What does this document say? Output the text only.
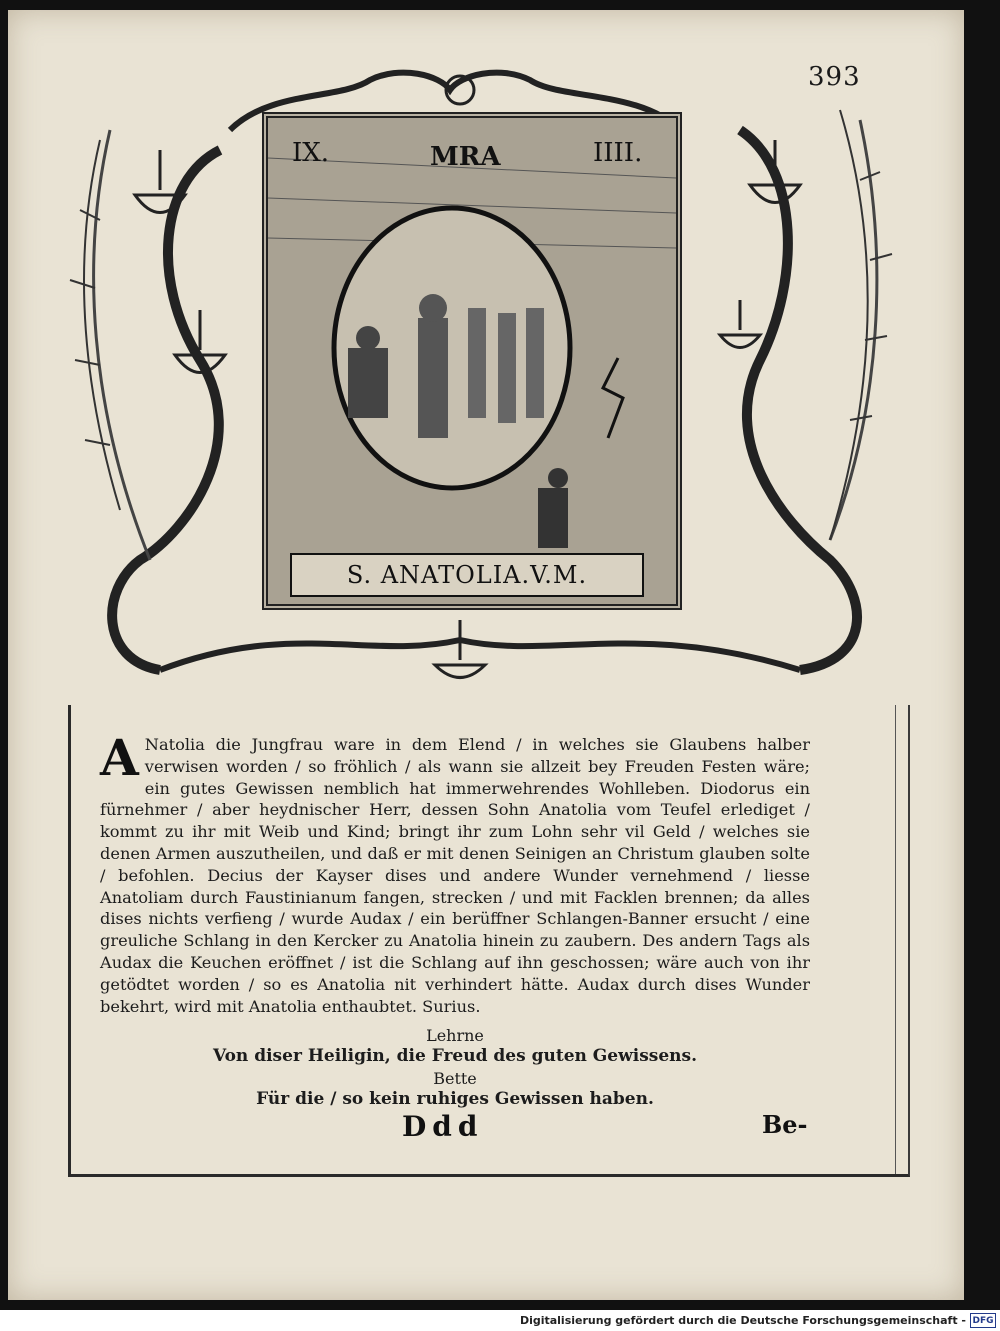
393
IX.	MRA	IIII.
S. ANATOLIA.V.M.

A Natolia die Jungfrau ware in dem Elend / in welches sie Glaubens halber verwisen worden / so fröhlich / als wann sie allzeit bey Freuden Festen wäre; ein gutes Gewissen nemblich hat immerwehrendes Wohlleben. Diodorus ein fürnehmer / aber heydnischer Herr, dessen Sohn Anatolia vom Teufel erlediget / kommt zu ihr mit Weib und Kind; bringt ihr zum Lohn sehr vil Geld / welches sie denen Armen auszutheilen, und daß er mit denen Seinigen an Christum glauben solte / befohlen. Decius der Kayser dises und andere Wunder vernehmend / liesse Anatoliam durch Faustinianum fangen, strecken / und mit Facklen brennen; da alles dises nichts verfieng / wurde Audax / ein berüffner Schlangen-Banner ersucht / eine greuliche Schlang in den Kercker zu Anatolia hinein zu zaubern. Des andern Tags als Audax die Keuchen eröffnet / ist die Schlang auf ihn geschossen; wäre auch von ihr getödtet worden / so es Anatolia nit verhindert hätte. Audax durch dises Wunder bekehrt, wird mit Anatolia enthaubtet. Surius.

Lehrne
Von diser Heiligin, die Freud des guten Gewissens.
Bette
Für die / so kein ruhiges Gewissen haben.
Ddd	Be-
Digitalisierung gefördert durch die Deutsche Forschungsgemeinschaft - DFG
